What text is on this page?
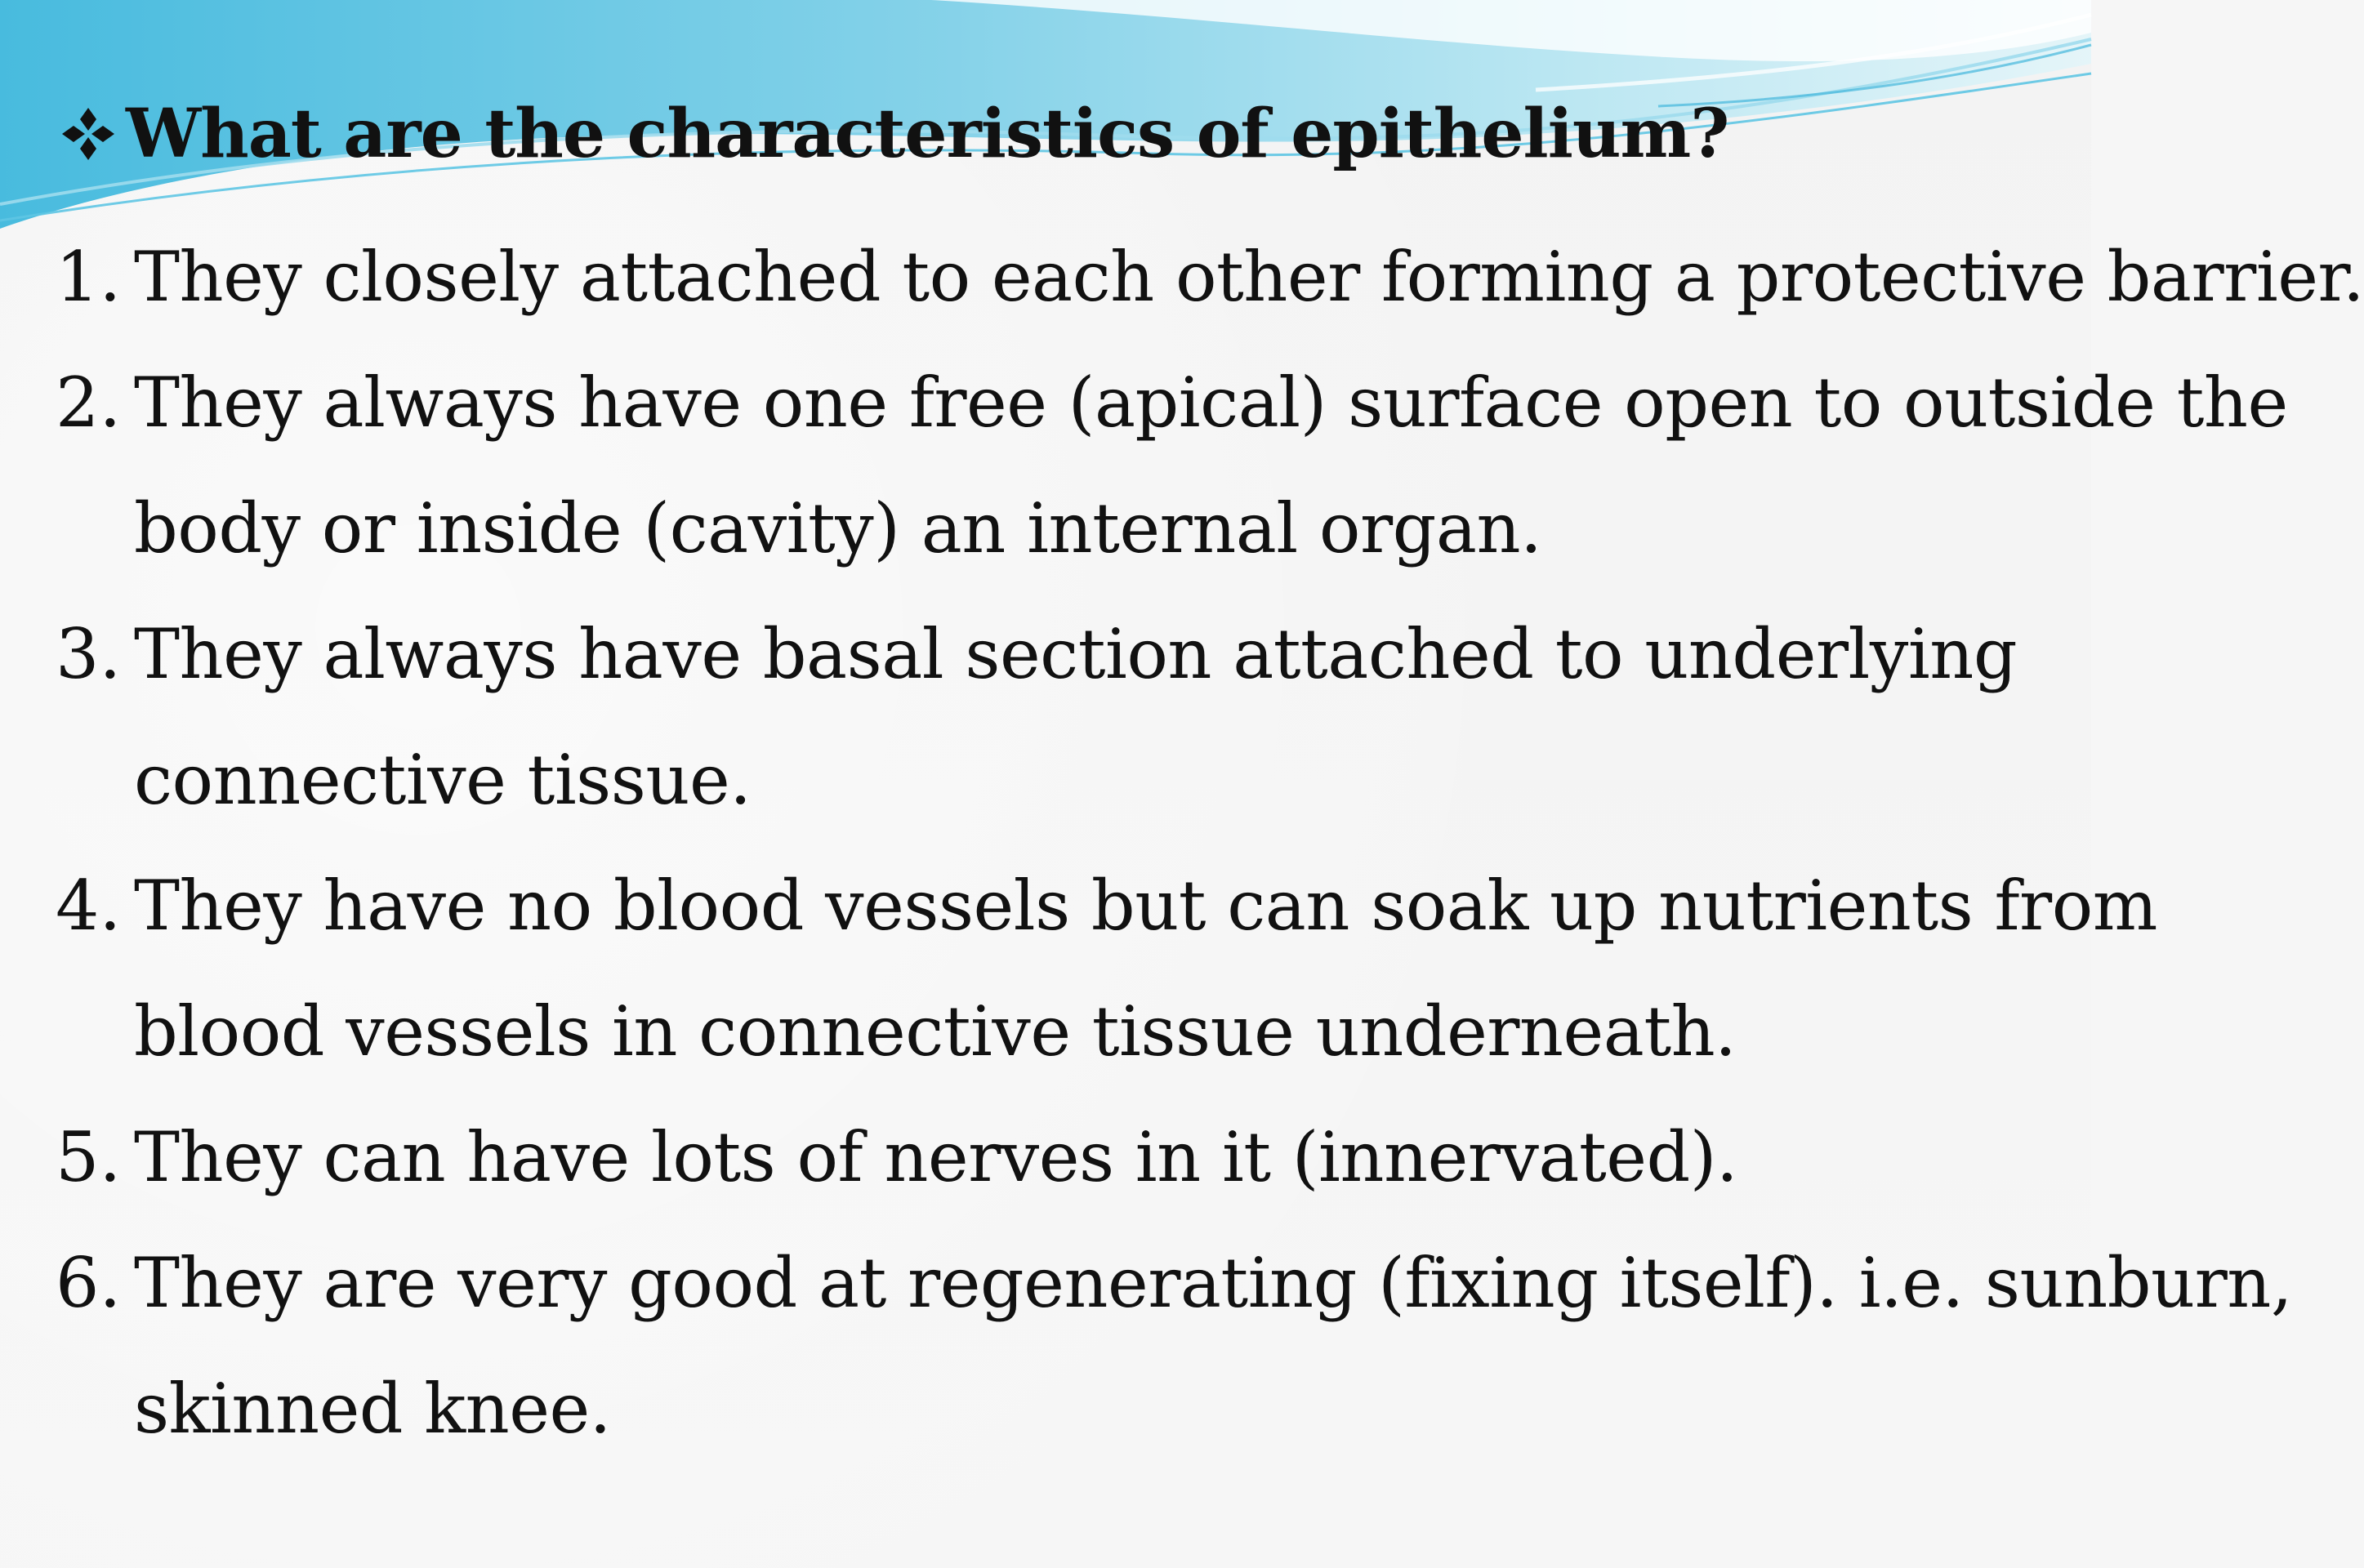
What are the characteristics of epithelium?
1. They closely attached to each other forming a protective barrier.
2. They always have one free (apical) surface open to outside the
body or inside (cavity) an internal organ.
3. They always have basal section attached to underlying
connective tissue.
4. They have no blood vessels but can soak up nutrients from
blood vessels in connective tissue underneath.
5. They can have lots of nerves in it (innervated).
6. They are very good at regenerating (fixing itself). i.e. sunburn,
skinned knee.
